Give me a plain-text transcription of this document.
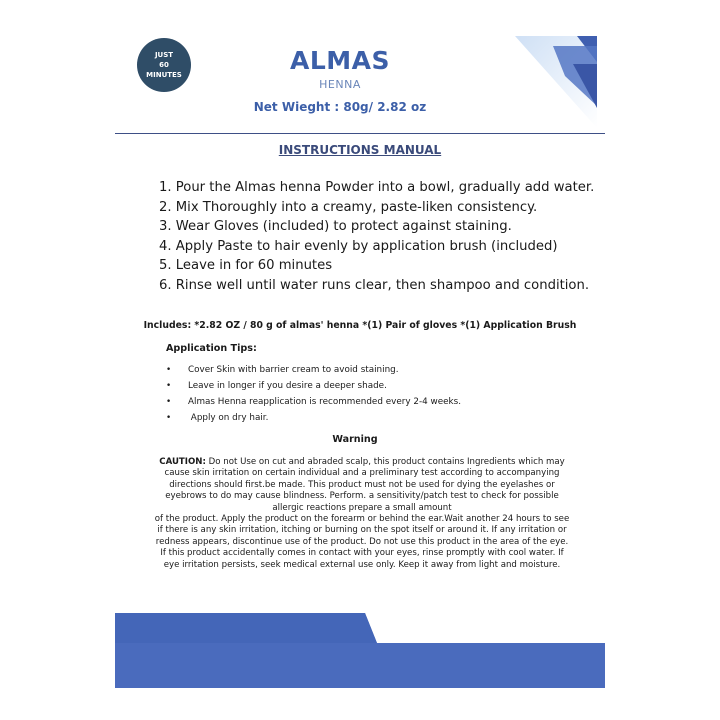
JUST
60
MINUTES	ALMAS
HENNA
Net Wieght : 80g/ 2.82 oz
INSTRUCTIONS MANUAL
1. Pour the Almas henna Powder into a bowl, gradually add water.
2. Mix Thoroughly into a creamy, paste-liken consistency.
3. Wear Gloves (included) to protect against staining.
4. Apply Paste to hair evenly by application brush (included)
5. Leave in for 60 minutes
6. Rinse well until water runs clear, then shampoo and condition.
Includes: *2.82 OZ / 80 g of almas' henna *(1) Pair of gloves *(1) Application Brush
Application Tips:
• Cover Skin with barrier cream to avoid staining.
• Leave in longer if you desire a deeper shade.
• Almas Henna reapplication is recommended every 2-4 weeks.
• Apply on dry hair.
Warning
CAUTION: Do not Use on cut and abraded scalp, this product contains Ingredients which may
cause skin irritation on certain individual and a preliminary test according to accompanying
directions should first.be made. This product must not be used for dying the eyelashes or
eyebrows to do may cause blindness. Perform. a sensitivity/patch test to check for possible
allergic reactions prepare a small amount
of the product. Apply the product on the forearm or behind the ear.Wait another 24 hours to see
if there is any skin irritation, itching or burning on the spot itself or around it. If any irritation or
redness appears, discontinue use of the product. Do not use this product in the area of the eye.
If this product accidentally comes in contact with your eyes, rinse promptly with cool water. If
eye irritation persists, seek medical external use only. Keep it away from light and moisture.
